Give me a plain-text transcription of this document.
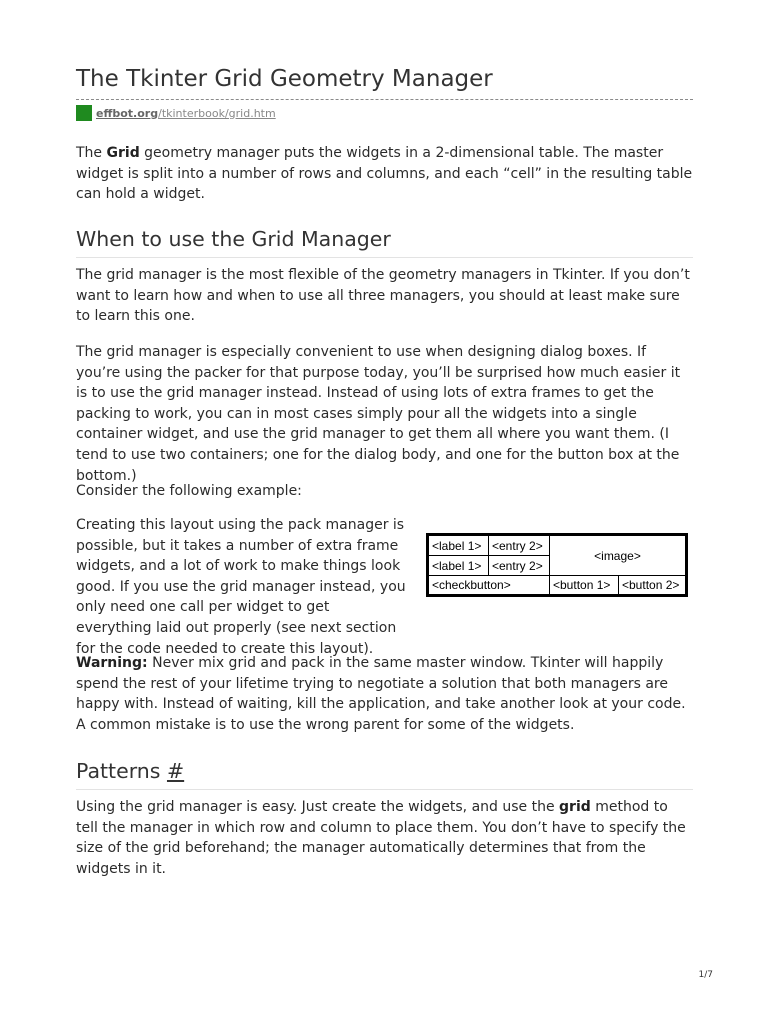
The Tkinter Grid Geometry Manager
effbot.org /tkinterbook/grid.htm

The Grid geometry manager puts the widgets in a 2-dimensional table. The master widget is split into a number of rows and columns, and each “cell” in the resulting table can hold a widget.

When to use the Grid Manager

The grid manager is the most flexible of the geometry managers in Tkinter. If you don’t want to learn how and when to use all three managers, you should at least make sure to learn this one.

The grid manager is especially convenient to use when designing dialog boxes. If you’re using the packer for that purpose today, you’ll be surprised how much easier it is to use the grid manager instead. Instead of using lots of extra frames to get the packing to work, you can in most cases simply pour all the widgets into a single container widget, and use the grid manager to get them all where you want them. (I tend to use two containers; one for the dialog body, and one for the button box at the bottom.)

Consider the following example:

<label 1> <entry 2>
<image>
<label 1> <entry 2>
<checkbutton>	<button 1> <button 2>

Creating this layout using the pack manager is possible, but it takes a number of extra frame widgets, and a lot of work to make things look good. If you use the grid manager instead, you only need one call per widget to get everything laid out properly (see next section for the code needed to create this layout).

Warning: Never mix grid and pack in the same master window. Tkinter will happily spend the rest of your lifetime trying to negotiate a solution that both managers are happy with. Instead of waiting, kill the application, and take another look at your code. A common mistake is to use the wrong parent for some of the widgets.

Patterns #

Using the grid manager is easy. Just create the widgets, and use the grid method to tell the manager in which row and column to place them. You don’t have to specify the size of the grid beforehand; the manager automatically determines that from the widgets in it.

1/7
